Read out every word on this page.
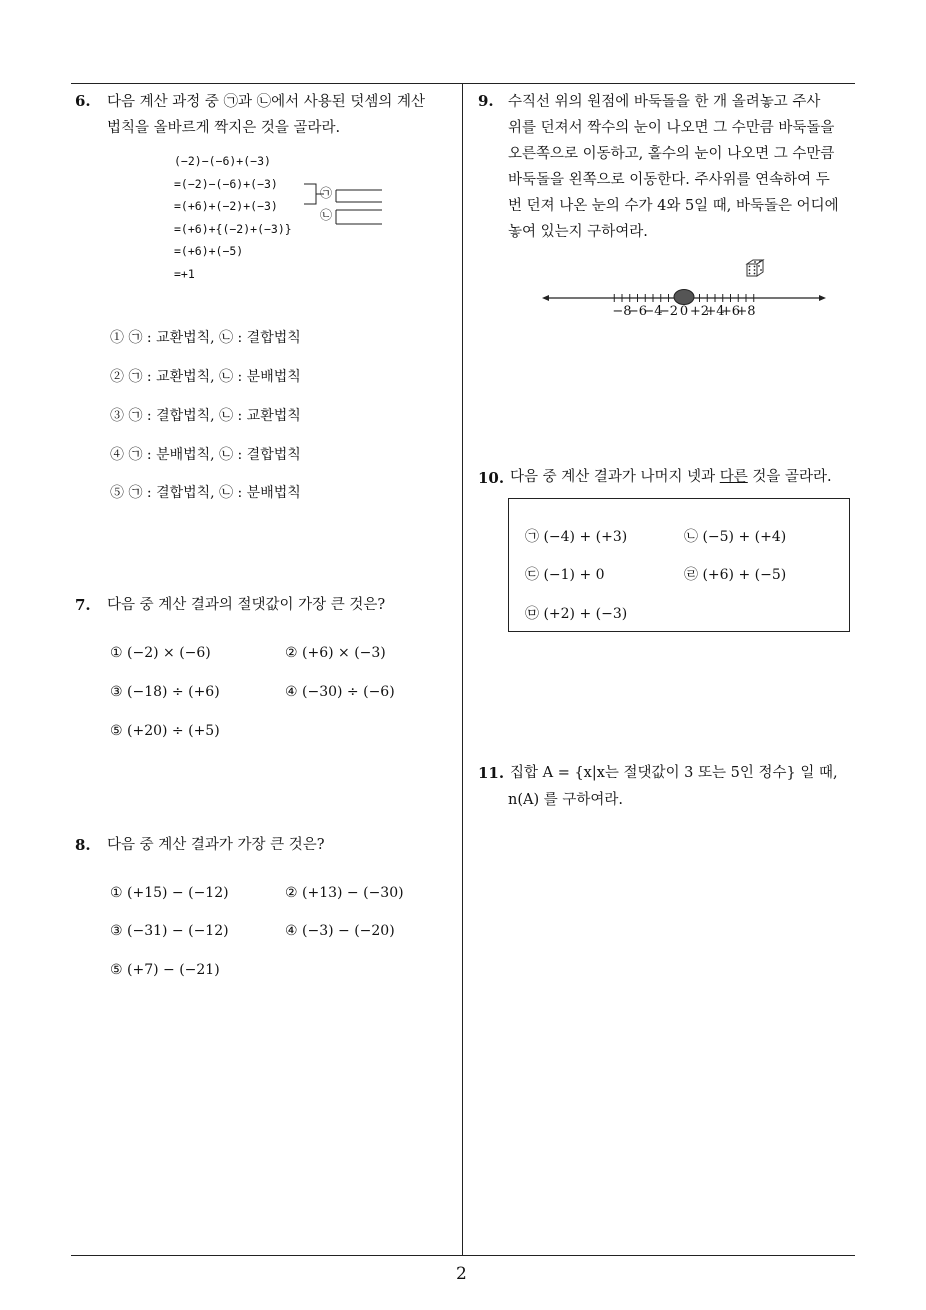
6. 다음 계산 과정 중 ㉠과 ㉡에서 사용된 덧셈의 계산
법칙을 올바르게 짝지은 것을 골라라.
(−2)−(−6)+(−3)
=(−2)−(−6)+(−3)
=(+6)+(−2)+(−3)
=(+6)+{(−2)+(−3)}
=(+6)+(−5)
=+1
㉠
㉡
① ㉠ : 교환법칙, ㉡ : 결합법칙
② ㉠ : 교환법칙, ㉡ : 분배법칙
③ ㉠ : 결합법칙, ㉡ : 교환법칙
④ ㉠ : 분배법칙, ㉡ : 결합법칙
⑤ ㉠ : 결합법칙, ㉡ : 분배법칙
7. 다음 중 계산 결과의 절댓값이 가장 큰 것은?
① (−2) × (−6)	② (+6) × (−3)
③ (−18) ÷ (+6)	④ (−30) ÷ (−6)
⑤ (+20) ÷ (+5)
8. 다음 중 계산 결과가 가장 큰 것은?
① (+15) − (−12)	② (+13) − (−30)
③ (−31) − (−12)	④ (−3) − (−20)
⑤ (+7) − (−21)
9. 수직선 위의 원점에 바둑돌을 한 개 올려놓고 주사
위를 던져서 짝수의 눈이 나오면 그 수만큼 바둑돌을
오른쪽으로 이동하고, 홀수의 눈이 나오면 그 수만큼
바둑돌을 왼쪽으로 이동한다. 주사위를 연속하여 두
번 던져 나온 눈의 수가 4와 5일 때, 바둑돌은 어디에
놓여 있는지 구하여라.
−8
−6
−4
−2 0 +2
+4
+6
+8
10. 다음 중 계산 결과가 나머지 넷과 다른 것을 골라라.
㉠ (−4) + (+3)	㉡ (−5) + (+4)
㉢ (−1) + 0	㉣ (+6) + (−5)
㉤ (+2) + (−3)
11. 집합 A = {x|x는 절댓값이 3 또는 5인 정수} 일 때,
n(A) 를 구하여라.
2
